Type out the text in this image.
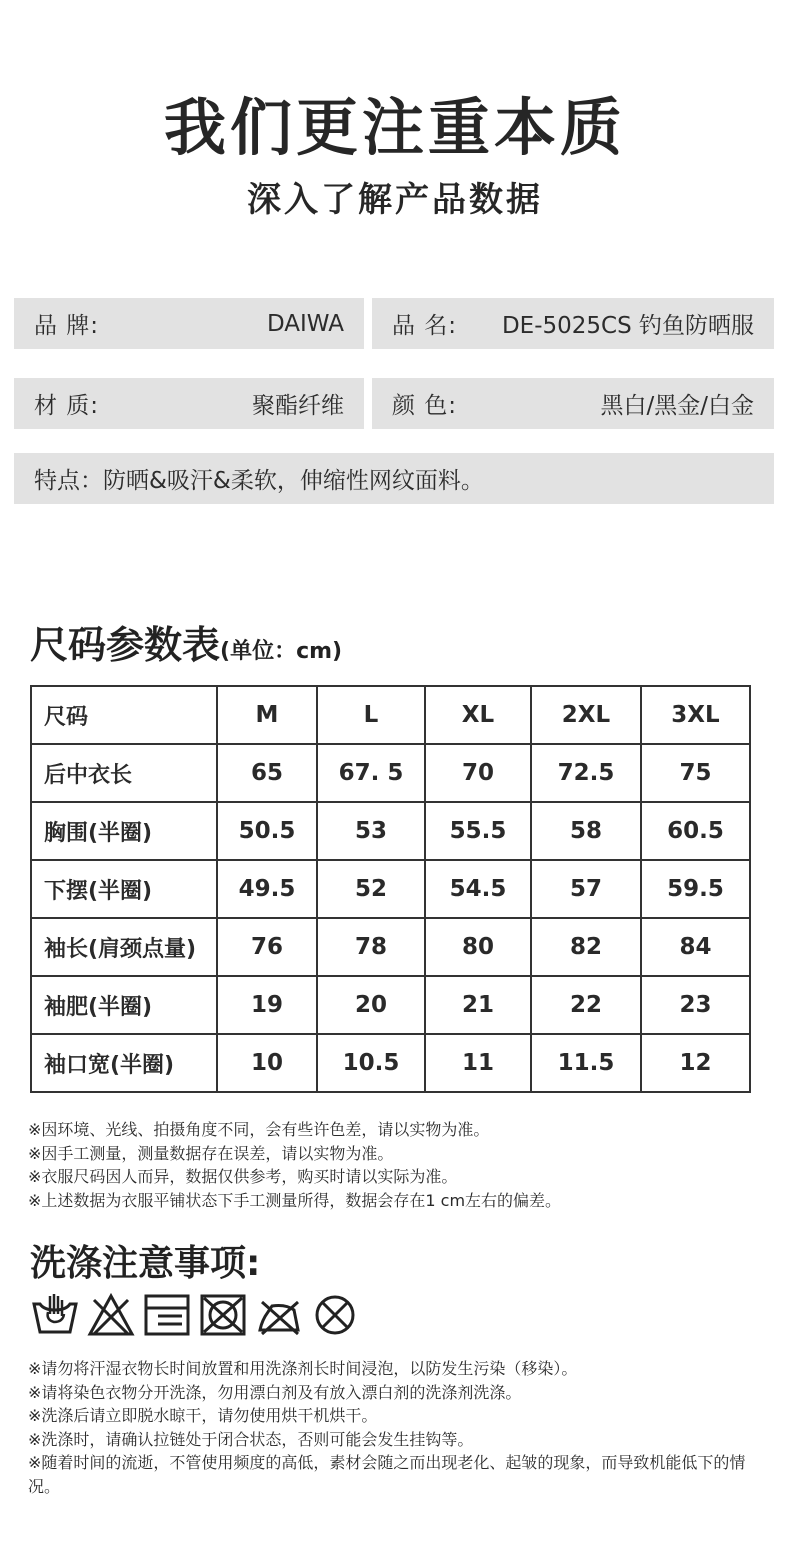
我们更注重本质
深入了解产品数据
品 牌:	DAIWA 品 名: DE-5025CS 钓鱼防晒服
材 质:	聚酯纤维 颜 色:	黑白/黑金/白金
特点：防晒&吸汗&柔软，伸缩性网纹面料。
尺码参数表(单位：cm)
尺码	M	L	XL	2XL	3XL
后中衣长	65	67. 5	70	72.5	75
胸围(半圈)	50.5	53	55.5	58	60.5
下摆(半圈)	49.5	52	54.5	57	59.5
袖长(肩颈点量)	76	78	80	82	84
袖肥(半圈)	19	20	21	22	23
袖口宽(半圈)	10	10.5	11	11.5	12
※因环境、光线、拍摄角度不同，会有些许色差，请以实物为准。
※因手工测量，测量数据存在误差，请以实物为准。
※衣服尺码因人而异，数据仅供参考，购买时请以实际为准。
※上述数据为衣服平铺状态下手工测量所得，数据会存在1 cm左右的偏差。
洗涤注意事项:
※请勿将汗湿衣物长时间放置和用洗涤剂长时间浸泡，以防发生污染（移染）。
※请将染色衣物分开洗涤，勿用漂白剂及有放入漂白剂的洗涤剂洗涤。
※洗涤后请立即脱水晾干，请勿使用烘干机烘干。
※洗涤时，请确认拉链处于闭合状态，否则可能会发生挂钩等。
※随着时间的流逝，不管使用频度的高低，素材会随之而出现老化、起皱的现象，而导致机能低下的情况。
